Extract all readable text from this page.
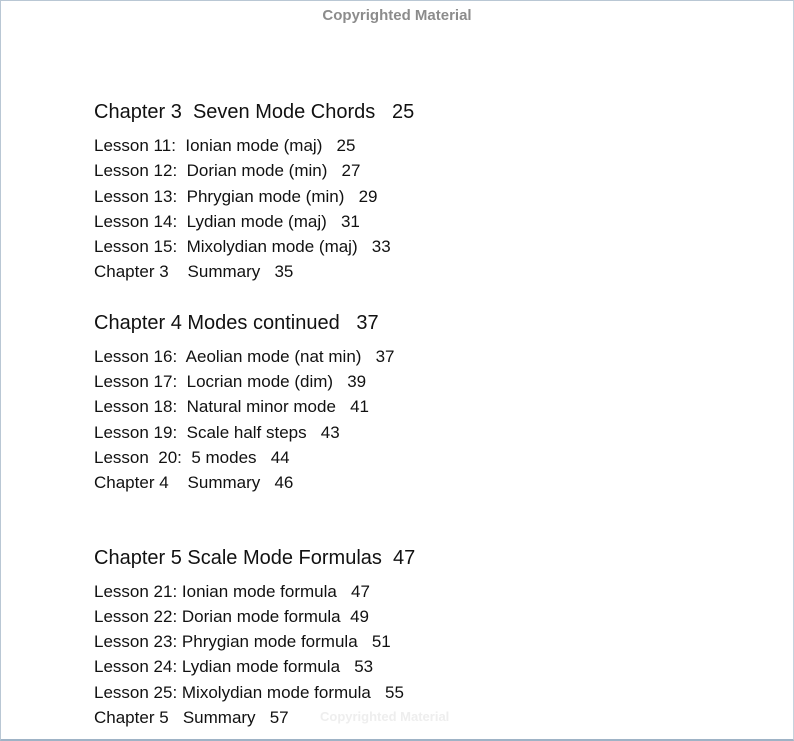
Copyrighted Material
Chapter 3  Seven Mode Chords   25
Lesson 11:  Ionian mode (maj)   25
Lesson 12:  Dorian mode (min)   27
Lesson 13:  Phrygian mode (min)   29
Lesson 14:  Lydian mode (maj)   31
Lesson 15:  Mixolydian mode (maj)   33
Chapter 3    Summary   35
Chapter 4 Modes continued   37
Lesson 16:  Aeolian mode (nat min)   37
Lesson 17:  Locrian mode (dim)   39
Lesson 18:  Natural minor mode   41
Lesson 19:  Scale half steps   43
Lesson  20:  5 modes   44
Chapter 4    Summary   46
Chapter 5 Scale Mode Formulas  47
Lesson 21: Ionian mode formula   47
Lesson 22: Dorian mode formula  49
Lesson 23: Phrygian mode formula   51
Lesson 24: Lydian mode formula   53
Lesson 25: Mixolydian mode formula   55
Chapter 5   Summary   57	Copyrighted Material
